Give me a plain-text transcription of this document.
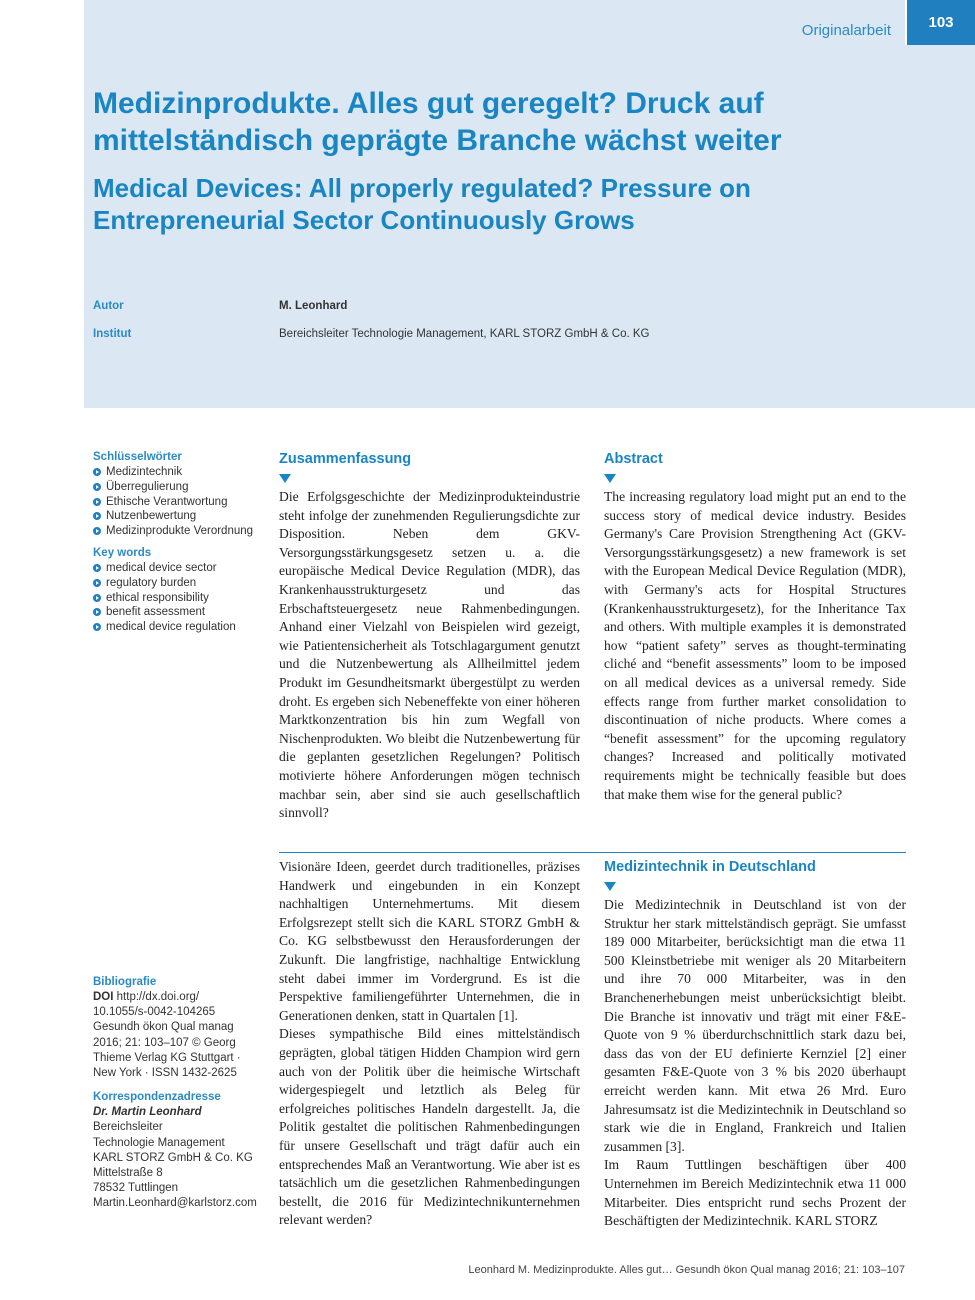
Originalarbeit	103
Medizinprodukte. Alles gut geregelt? Druck auf mittelständisch geprägte Branche wächst weiter
Medical Devices: All properly regulated? Pressure on Entrepreneurial Sector Continuously Grows
Autor	M. Leonhard
Institut	Bereichsleiter Technologie Management, KARL STORZ GmbH & Co. KG
Schlüsselwörter
Medizintechnik
Überregulierung
Ethische Verantwortung
Nutzenbewertung
Medizinprodukte Verordnung
Key words
medical device sector
regulatory burden
ethical responsibility
benefit assessment
medical device regulation
Bibliografie

DOI http://dx.doi.org/

10.1055/s-0042-104265

Gesundh ökon Qual manag

2016; 21: 103–107 © Georg

Thieme Verlag KG Stuttgart ·

New York · ISSN 1432-2625

Korrespondenzadresse

Dr. Martin Leonhard

Bereichsleiter

Technologie Management

KARL STORZ GmbH & Co. KG

Mittelstraße 8

78532 Tuttlingen

Martin.Leonhard@karlstorz.com

Zusammenfassung

Die Erfolgsgeschichte der Medizinprodukteindustrie steht infolge der zunehmenden Regulierungsdichte zur Disposition. Neben dem GKV-Versorgungsstärkungsgesetz setzen u. a. die europäische Medical Device Regulation (MDR), das Krankenhausstrukturgesetz und das Erbschaftsteuergesetz neue Rahmenbedingungen. Anhand einer Vielzahl von Beispielen wird gezeigt, wie Patientensicherheit als Totschlagargument genutzt und die Nutzenbewertung als Allheilmittel jedem Produkt im Gesundheitsmarkt übergestülpt zu werden droht. Es ergeben sich Nebeneffekte von einer höheren Marktkonzentration bis hin zum Wegfall von Nischenprodukten. Wo bleibt die Nutzenbewertung für die geplanten gesetzlichen Regelungen? Politisch motivierte höhere Anforderungen mögen technisch machbar sein, aber sind sie auch gesellschaftlich sinnvoll?

Abstract

The increasing regulatory load might put an end to the success story of medical device industry. Besides Germany's Care Provision Strengthening Act (GKV-Versorgungsstärkungsgesetz) a new framework is set with the European Medical Device Regulation (MDR), with Germany's acts for Hospital Structures (Krankenhausstrukturgesetz), for the Inheritance Tax and others. With multiple examples it is demonstrated how “patient safety” serves as thought-terminating cliché and “benefit assessments” loom to be imposed on all medical devices as a universal remedy. Side effects range from further market consolidation to discontinuation of niche products. Where comes a “benefit assessment” for the upcoming regulatory changes? Increased and politically motivated requirements might be technically feasible but does that make them wise for the general public?

Visionäre Ideen, geerdet durch traditionelles, präzises Handwerk und eingebunden in ein Konzept nachhaltigen Unternehmertums. Mit diesem Erfolgsrezept stellt sich die KARL STORZ GmbH & Co. KG selbstbewusst den Herausforderungen der Zukunft. Die langfristige, nachhaltige Entwicklung steht dabei immer im Vordergrund. Es ist die Perspektive familiengeführter Unternehmen, die in Generationen denken, statt in Quartalen [1].

Dieses sympathische Bild eines mittelständisch geprägten, global tätigen Hidden Champion wird gern auch von der Politik über die heimische Wirtschaft widergespiegelt und letztlich als Beleg für erfolgreiches politisches Handeln dargestellt. Ja, die Politik gestaltet die politischen Rahmenbedingungen für unsere Gesellschaft und trägt dafür auch ein entsprechendes Maß an Verantwortung. Wie aber ist es tatsächlich um die gesetzlichen Rahmenbedingungen bestellt, die 2016 für Medizintechnikunternehmen relevant werden?

Medizintechnik in Deutschland

Die Medizintechnik in Deutschland ist von der Struktur her stark mittelständisch geprägt. Sie umfasst 189 000 Mitarbeiter, berücksichtigt man die etwa 11 500 Kleinstbetriebe mit weniger als 20 Mitarbeitern und ihre 70 000 Mitarbeiter, was in den Branchenerhebungen meist unberücksichtigt bleibt. Die Branche ist innovativ und trägt mit einer F&E-Quote von 9 % überdurchschnittlich stark dazu bei, dass das von der EU definierte Kernziel [2] einer gesamten F&E-Quote von 3 % bis 2020 überhaupt erreicht werden kann. Mit etwa 26 Mrd. Euro Jahresumsatz ist die Medizintechnik in Deutschland so stark wie die in England, Frankreich und Italien zusammen [3].

Im Raum Tuttlingen beschäftigen über 400 Unternehmen im Bereich Medizintechnik etwa 11 000 Mitarbeiter. Dies entspricht rund sechs Prozent der Beschäftigten der Medizintechnik. KARL STORZ

Leonhard M. Medizinprodukte. Alles gut… Gesundh ökon Qual manag 2016; 21: 103–107
